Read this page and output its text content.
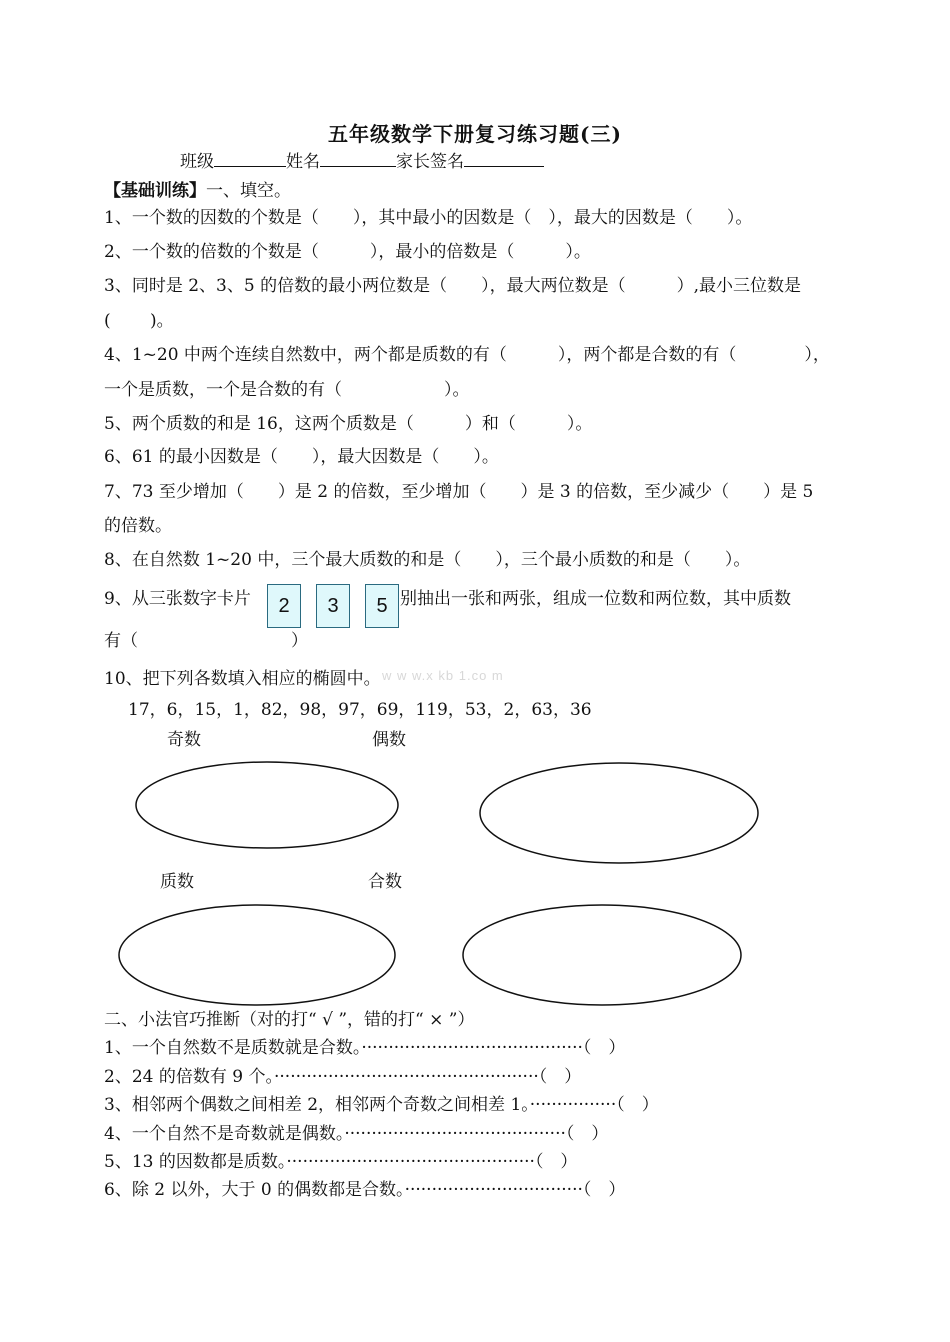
五年级数学下册复习练习题(三)
班级	姓名	家长签名
【基础训练】一、填空。
1、一个数的因数的个数是（　　），其中最小的因数是（　），最大的因数是（　　）。
2、一个数的倍数的个数是（　　　），最小的倍数是（　　　）。
3、同时是 2、3、5 的倍数的最小两位数是（　　），最大两位数是（　　　）,最小三位数是
(　　 )。
4、1~20 中两个连续自然数中，两个都是质数的有（　　　），两个都是合数的有（　　　　），
一个是质数，一个是合数的有（　　　　　　）。
5、两个质数的和是 16，这两个质数是（　　　）和（　　　）。
6、61 的最小因数是（　　），最大因数是（　　）。
7、73 至少增加（　　）是 2 的倍数，至少增加（　　）是 3 的倍数，至少减少（　　）是 5
的倍数。
8、在自然数 1~20 中，三个最大质数的和是（　　），三个最小质数的和是（　　）。
9、从三张数字卡片	别抽出一张和两张，组成一位数和两位数，其中质数
2	3	5
有（　　　　　　　　　）
10、把下列各数填入相应的椭圆中。 w w w.x kb 1.co m
17，6，15，1，82，98，97，69，119，53，2，63，36
奇数	偶数
质数	合数
二、小法官巧推断（对的打“ √ ”，错的打“ × ”）
1、一个自然数不是质数就是合数。·········································（　）
2、24 的倍数有 9 个。·················································（　）
3、相邻两个偶数之间相差 2，相邻两个奇数之间相差 1。················（　）
4、一个自然不是奇数就是偶数。·········································（　）
5、13 的因数都是质数。··············································（　）
6、除 2 以外，大于 0 的偶数都是合数。·································（　）
